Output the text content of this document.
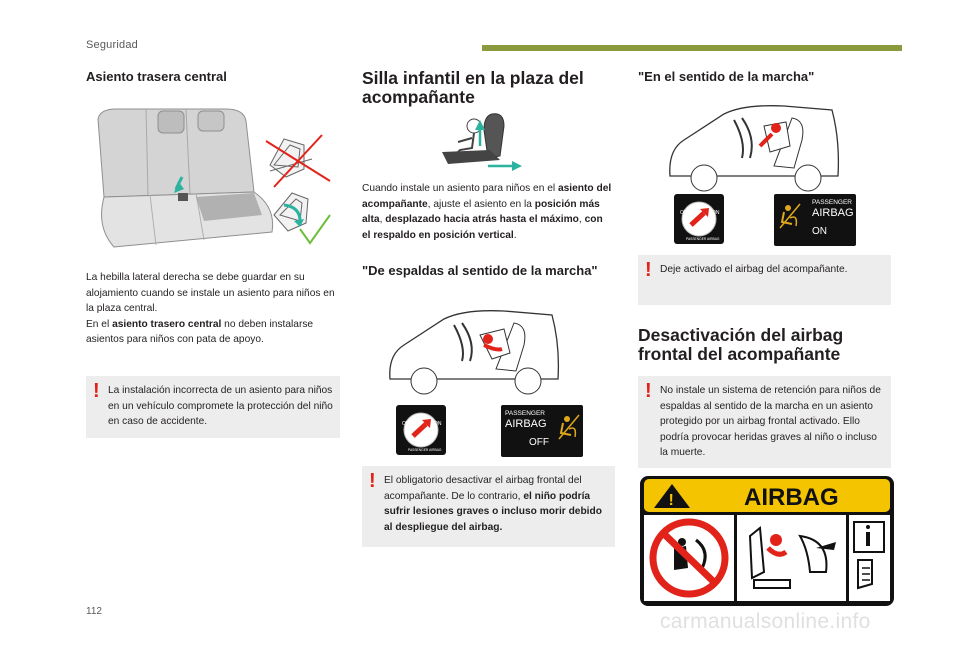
Seguridad
112	carmanualsonline.info
Asiento trasera central
La hebilla lateral derecha se debe guardar en su alojamiento cuando se instale un asiento para niños en la plaza central.
En el asiento trasero central no deben instalarse asientos para niños con pata de apoyo.
! La instalación incorrecta de un asiento para niños en un vehículo compromete la protección del niño en caso de accidente.
Silla infantil en la plaza del acompañante
Cuando instale un asiento para niños en el asiento del acompañante, ajuste el asiento en la posición más alta, desplazado hacia atrás hasta el máximo, con el respaldo en posición vertical.
"De espaldas al sentido de la marcha"
OFF	ON
PASSENGER AIRBAG
PASSENGER
AIRBAG
OFF
! El obligatorio desactivar el airbag frontal del acompañante. De lo contrario, el niño podría sufrir lesiones graves o incluso morir debido al despliegue del airbag.
"En el sentido de la marcha"
OFF	ON
PASSENGER AIRBAG
PASSENGER
AIRBAG
ON
! Deje activado el airbag del acompañante.
Desactivación del airbag frontal del acompañante
! No instale un sistema de retención para niños de espaldas al sentido de la marcha en un asiento protegido por un airbag frontal activado. Ello podría provocar heridas graves al niño o incluso la muerte.
!	AIRBAG
